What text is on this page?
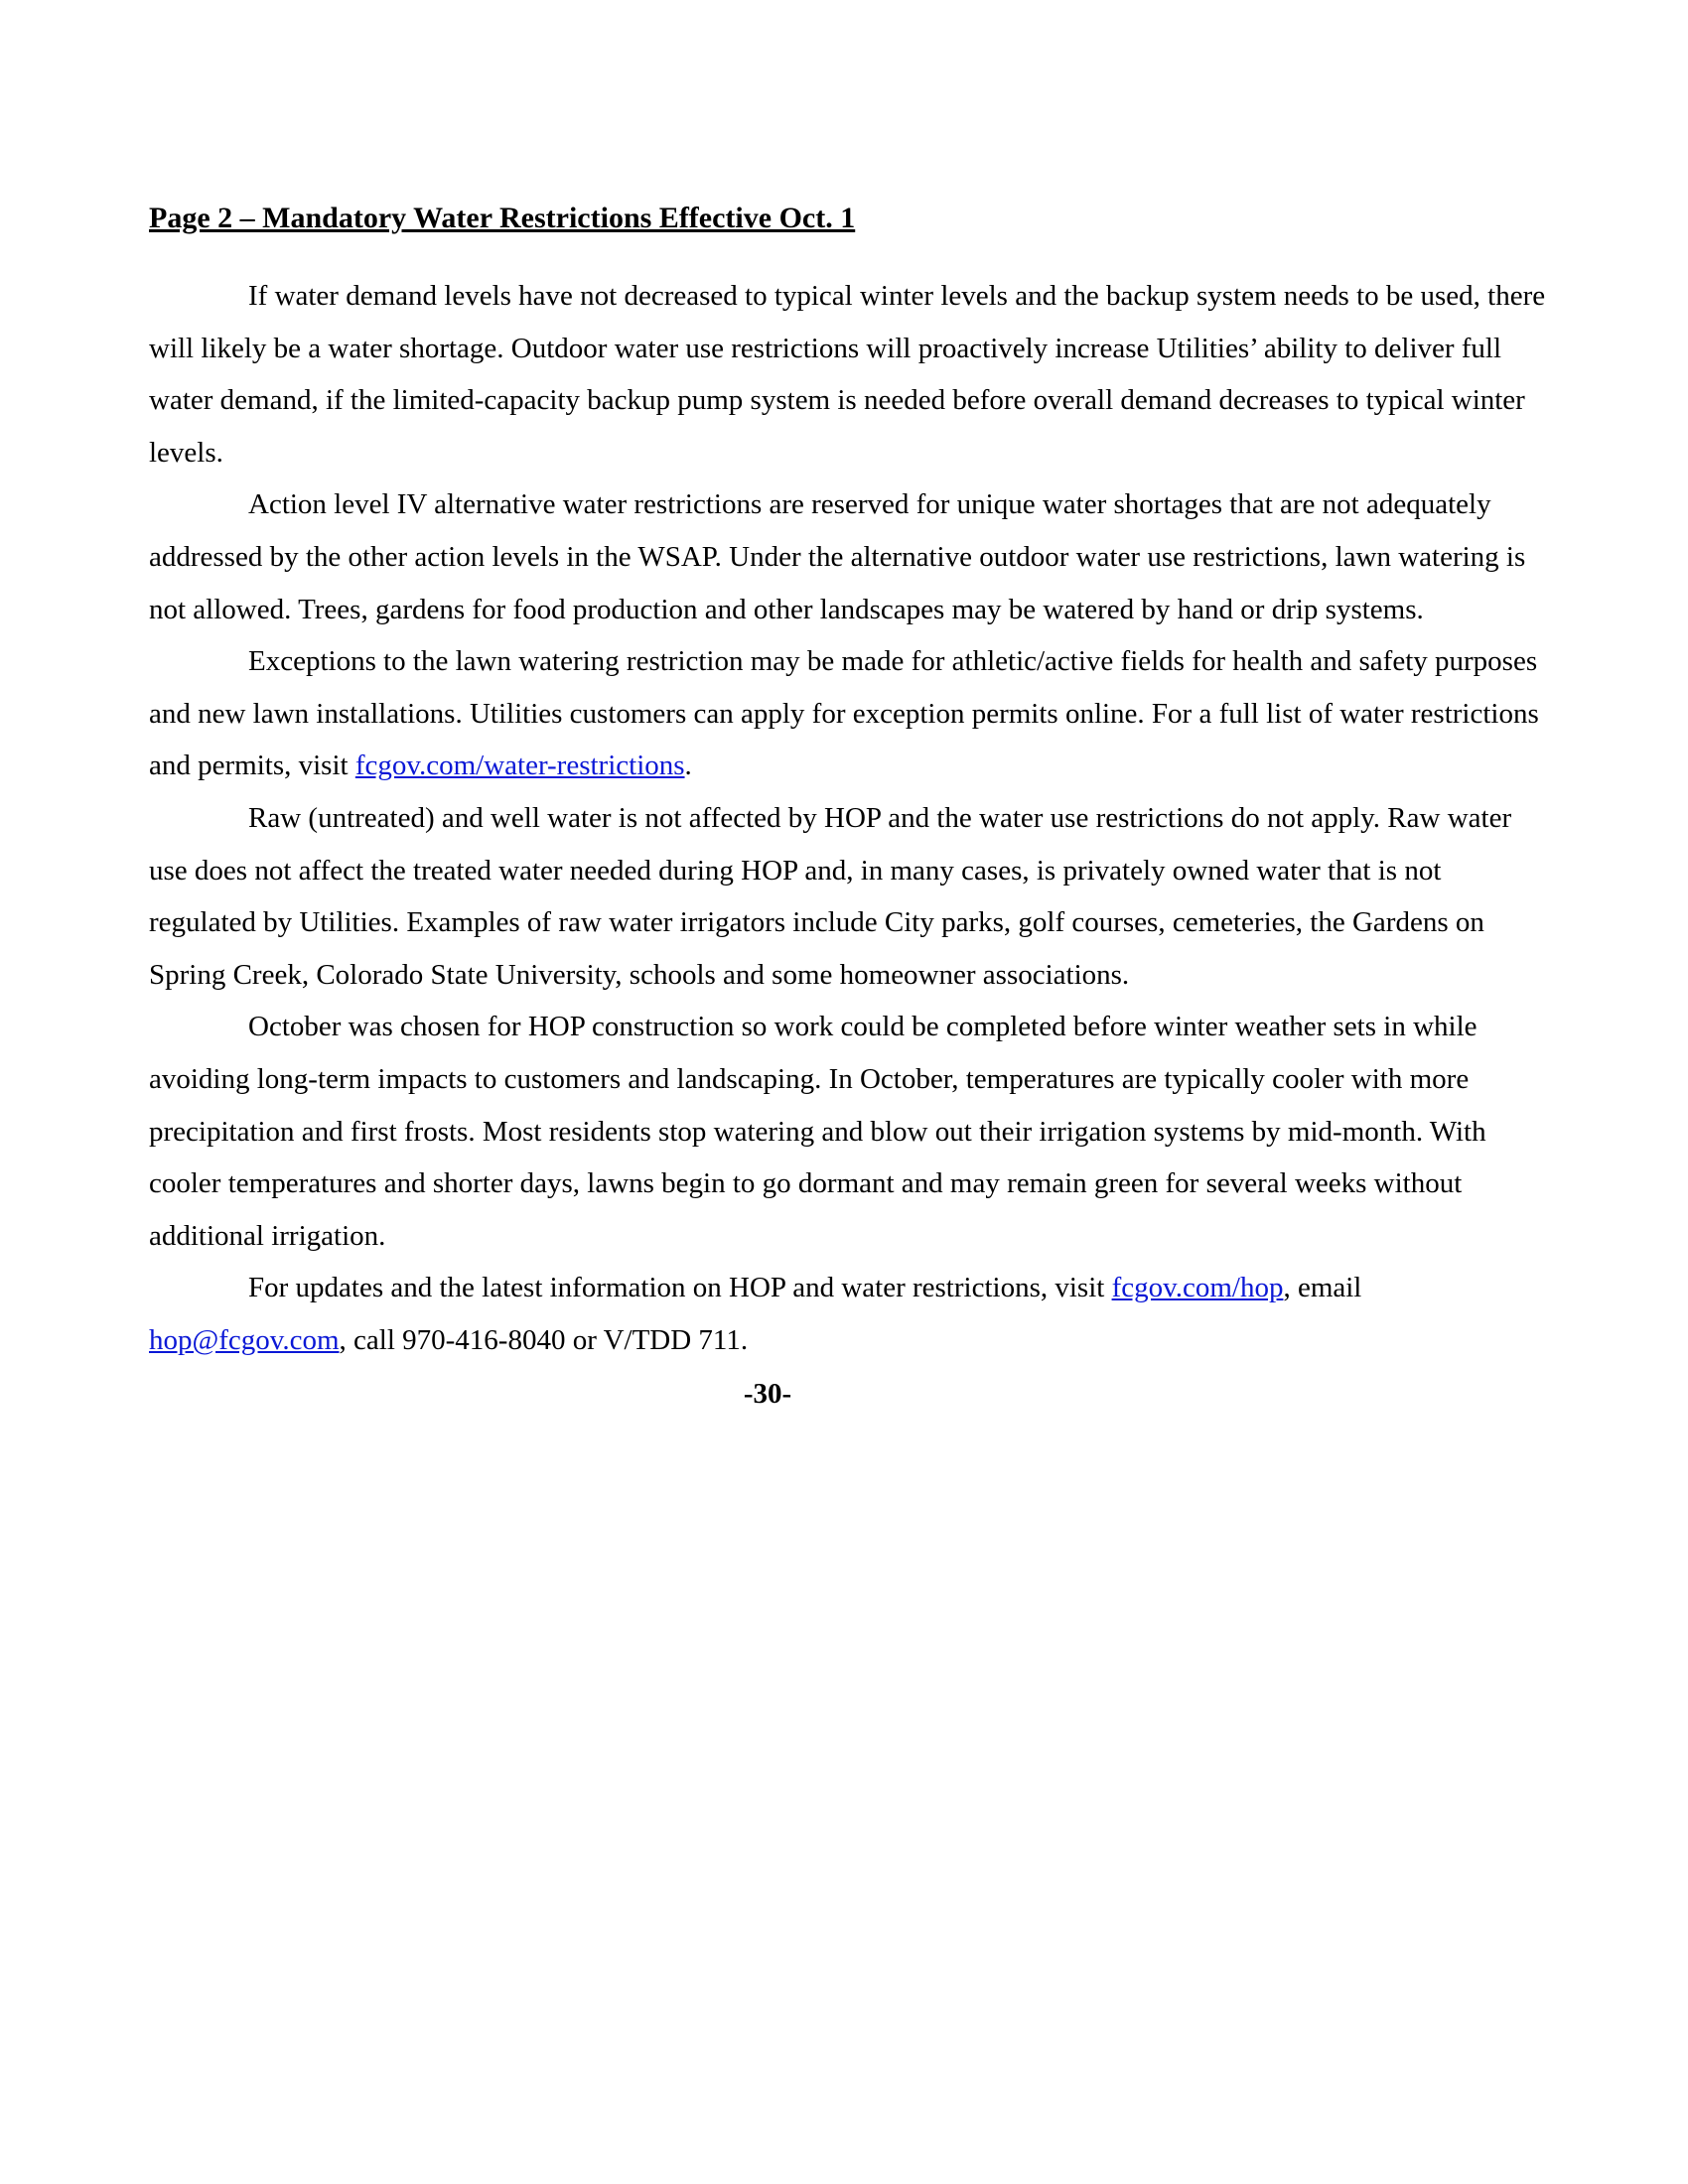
Page 2 – Mandatory Water Restrictions Effective Oct. 1

If water demand levels have not decreased to typical winter levels and the backup system needs to be used, there will likely be a water shortage. Outdoor water use restrictions will proactively increase Utilities’ ability to deliver full water demand, if the limited-capacity backup pump system is needed before overall demand decreases to typical winter levels.

Action level IV alternative water restrictions are reserved for unique water shortages that are not adequately addressed by the other action levels in the WSAP. Under the alternative outdoor water use restrictions, lawn watering is not allowed. Trees, gardens for food production and other landscapes may be watered by hand or drip systems.

Exceptions to the lawn watering restriction may be made for athletic/active fields for health and safety purposes and new lawn installations. Utilities customers can apply for exception permits online. For a full list of water restrictions and permits, visit fcgov.com/water-restrictions.

Raw (untreated) and well water is not affected by HOP and the water use restrictions do not apply. Raw water use does not affect the treated water needed during HOP and, in many cases, is privately owned water that is not regulated by Utilities. Examples of raw water irrigators include City parks, golf courses, cemeteries, the Gardens on Spring Creek, Colorado State University, schools and some homeowner associations.

October was chosen for HOP construction so work could be completed before winter weather sets in while avoiding long-term impacts to customers and landscaping. In October, temperatures are typically cooler with more precipitation and first frosts. Most residents stop watering and blow out their irrigation systems by mid-month. With cooler temperatures and shorter days, lawns begin to go dormant and may remain green for several weeks without additional irrigation.

For updates and the latest information on HOP and water restrictions, visit fcgov.com/hop, email hop@fcgov.com, call 970-416-8040 or V/TDD 711.

-30-
